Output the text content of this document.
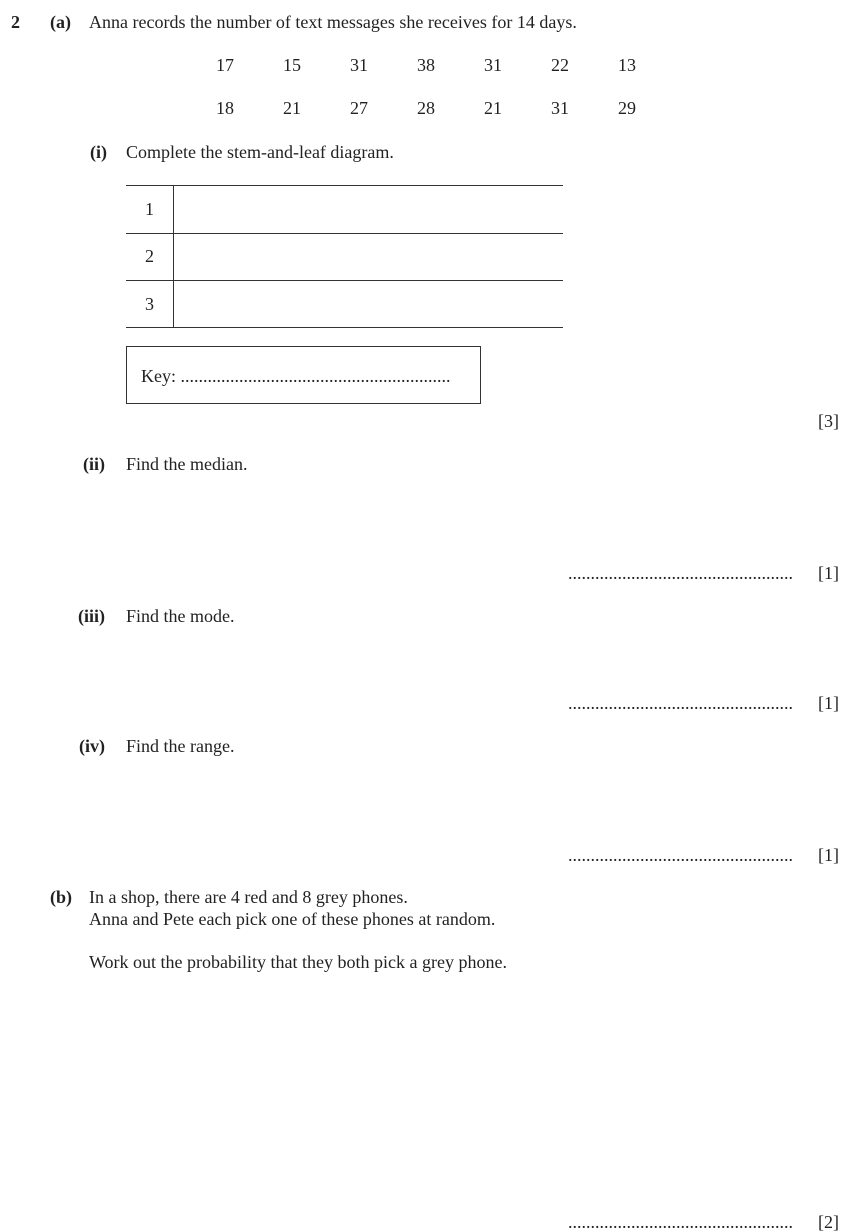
2 (a) Anna records the number of text messages she receives for 14 days.
17	15	31	38	31	22	13
18	21	27	28	21	31	29
(i) Complete the stem-and-leaf diagram.
1
2
3
Key: ............................................................
[3]
(ii) Find the median.
.................................................. [1]
(iii) Find the mode.
.................................................. [1]
(iv) Find the range.
.................................................. [1]
(b) In a shop, there are 4 red and 8 grey phones.
Anna and Pete each pick one of these phones at random.
Work out the probability that they both pick a grey phone.
.................................................. [2]
